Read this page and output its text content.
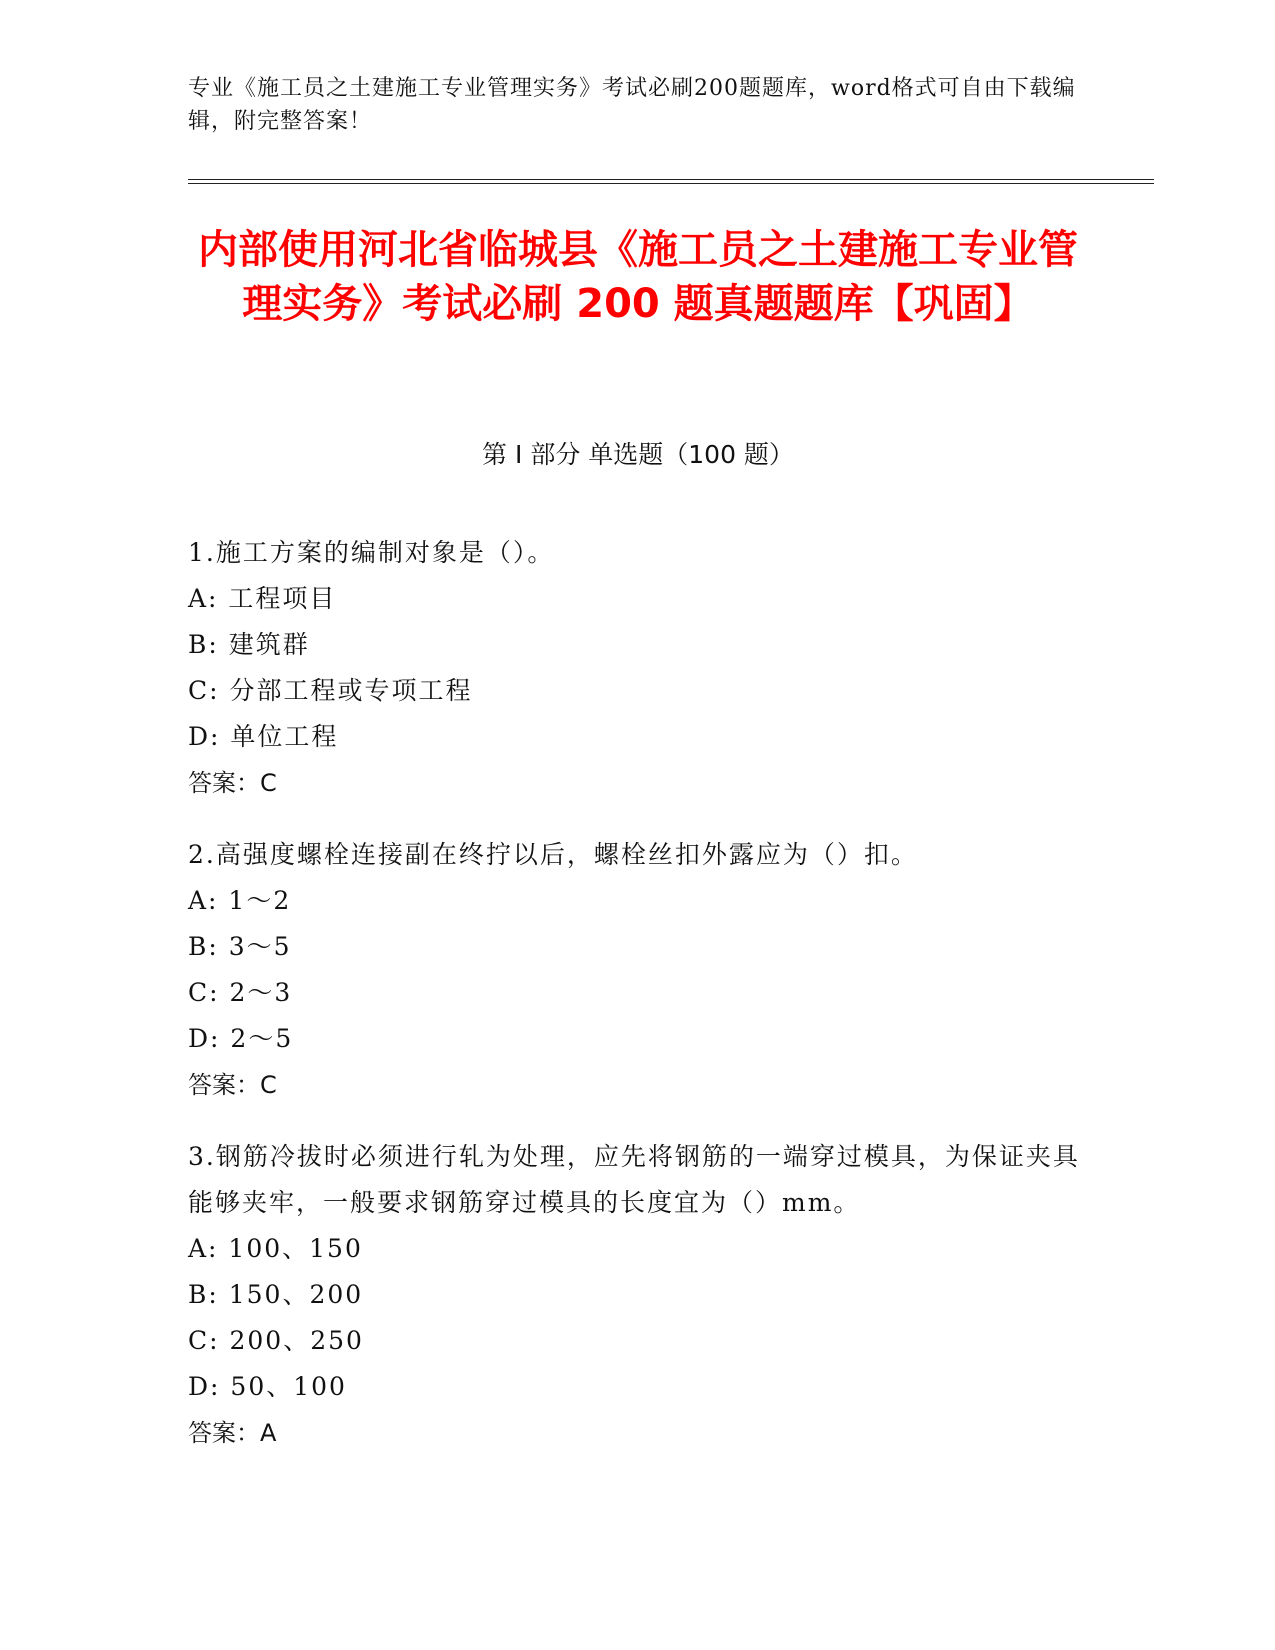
专业《施工员之土建施工专业管理实务》考试必刷200题题库，word格式可自由下载编辑，附完整答案！
内部使用河北省临城县《施工员之土建施工专业管理实务》考试必刷 200 题真题题库【巩固】
第 I 部分 单选题（100 题）
1.施工方案的编制对象是（）。
A: 工程项目
B: 建筑群
C: 分部工程或专项工程
D: 单位工程
答案：C
2.高强度螺栓连接副在终拧以后，螺栓丝扣外露应为（）扣。
A: 1～2
B: 3～5
C: 2～3
D: 2～5
答案：C
3.钢筋冷拔时必须进行轧为处理，应先将钢筋的一端穿过模具，为保证夹具能够夹牢，一般要求钢筋穿过模具的长度宜为（）mm。
A: 100、150
B: 150、200
C: 200、250
D: 50、100
答案：A
